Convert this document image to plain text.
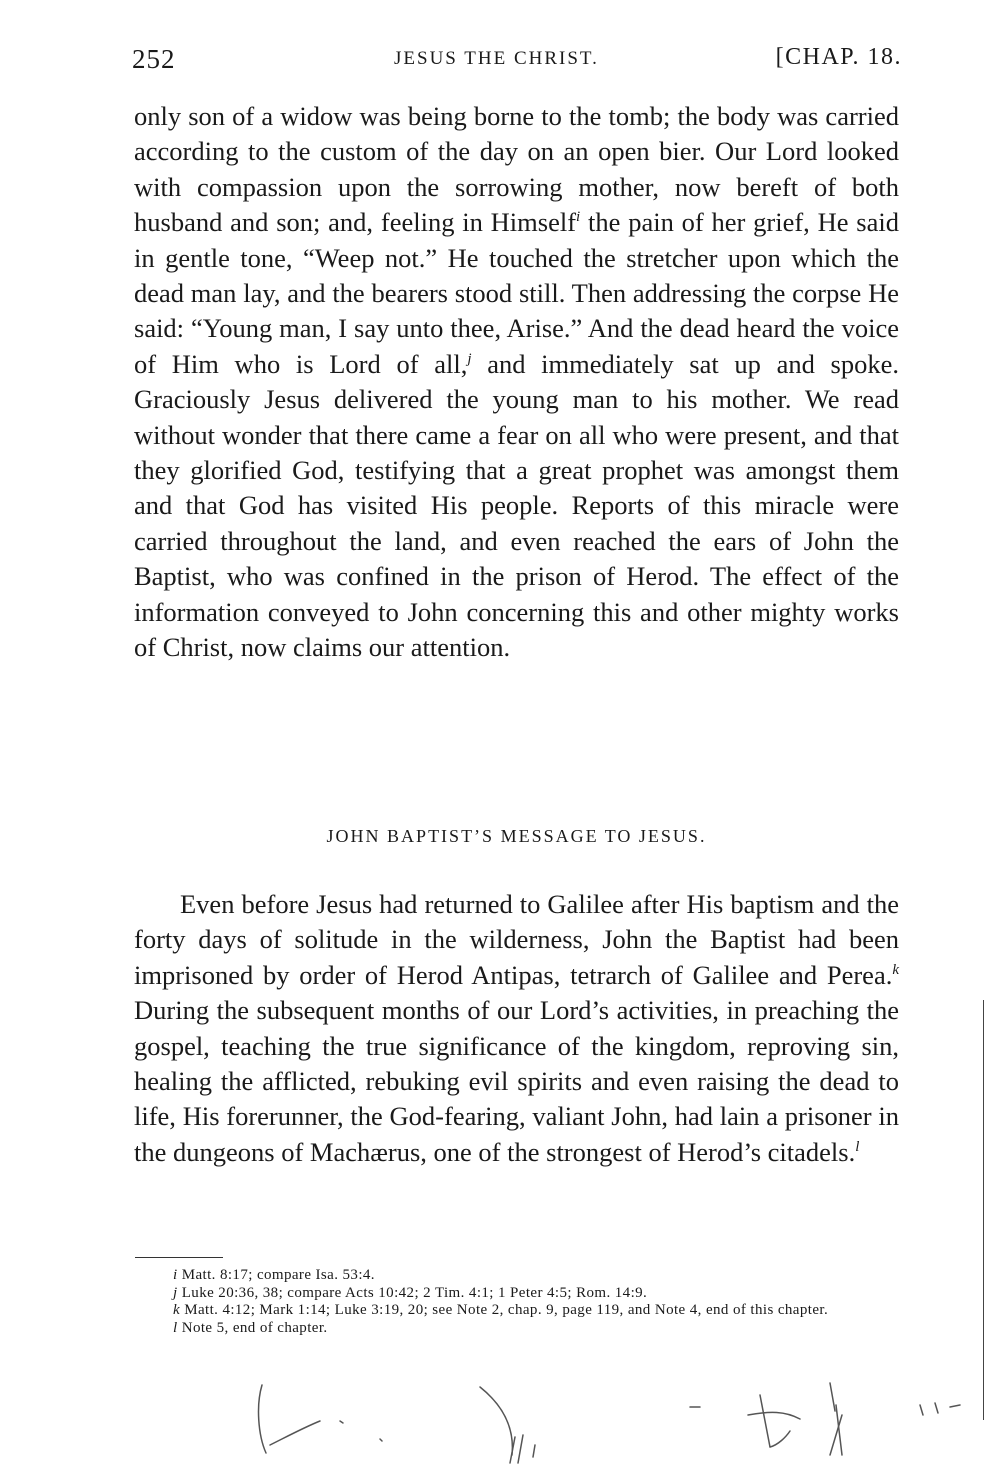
252	JESUS THE CHRIST.	[CHAP. 18.

only son of a widow was being borne to the tomb; the body was carried according to the custom of the day on an open bier. Our Lord looked with compassion upon the sorrowing mother, now bereft of both husband and son; and, feeling in Himself$^i$ the pain of her grief, He said in gentle tone, “Weep not.” He touched the stretcher upon which the dead man lay, and the bearers stood still. Then addressing the corpse He said: “Young man, I say unto thee, Arise.” And the dead heard the voice of Him who is Lord of all,$^j$ and immediately sat up and spoke. Graciously Jesus delivered the young man to his mother. We read without wonder that there came a fear on all who were present, and that they glorified God, testifying that a great prophet was amongst them and that God has visited His people. Reports of this miracle were carried throughout the land, and even reached the ears of John the Baptist, who was confined in the prison of Herod. The effect of the information conveyed to John concerning this and other mighty works of Christ, now claims our attention.

JOHN BAPTIST’S MESSAGE TO JESUS.

Even before Jesus had returned to Galilee after His baptism and the forty days of solitude in the wilderness, John the Baptist had been imprisoned by order of Herod Antipas, tetrarch of Galilee and Perea.$^k$ During the subsequent months of our Lord’s activities, in preaching the gospel, teaching the true significance of the kingdom, reproving sin, healing the afflicted, rebuking evil spirits and even raising the dead to life, His forerunner, the God-fearing, valiant John, had lain a prisoner in the dungeons of Machærus, one of the strongest of Herod’s citadels.$^l$

i Matt. 8:17; compare Isa. 53:4.

j Luke 20:36, 38; compare Acts 10:42; 2 Tim. 4:1; 1 Peter 4:5; Rom. 14:9.

k Matt. 4:12; Mark 1:14; Luke 3:19, 20; see Note 2, chap. 9, page 119, and Note 4, end of this chapter.

l Note 5, end of chapter.
